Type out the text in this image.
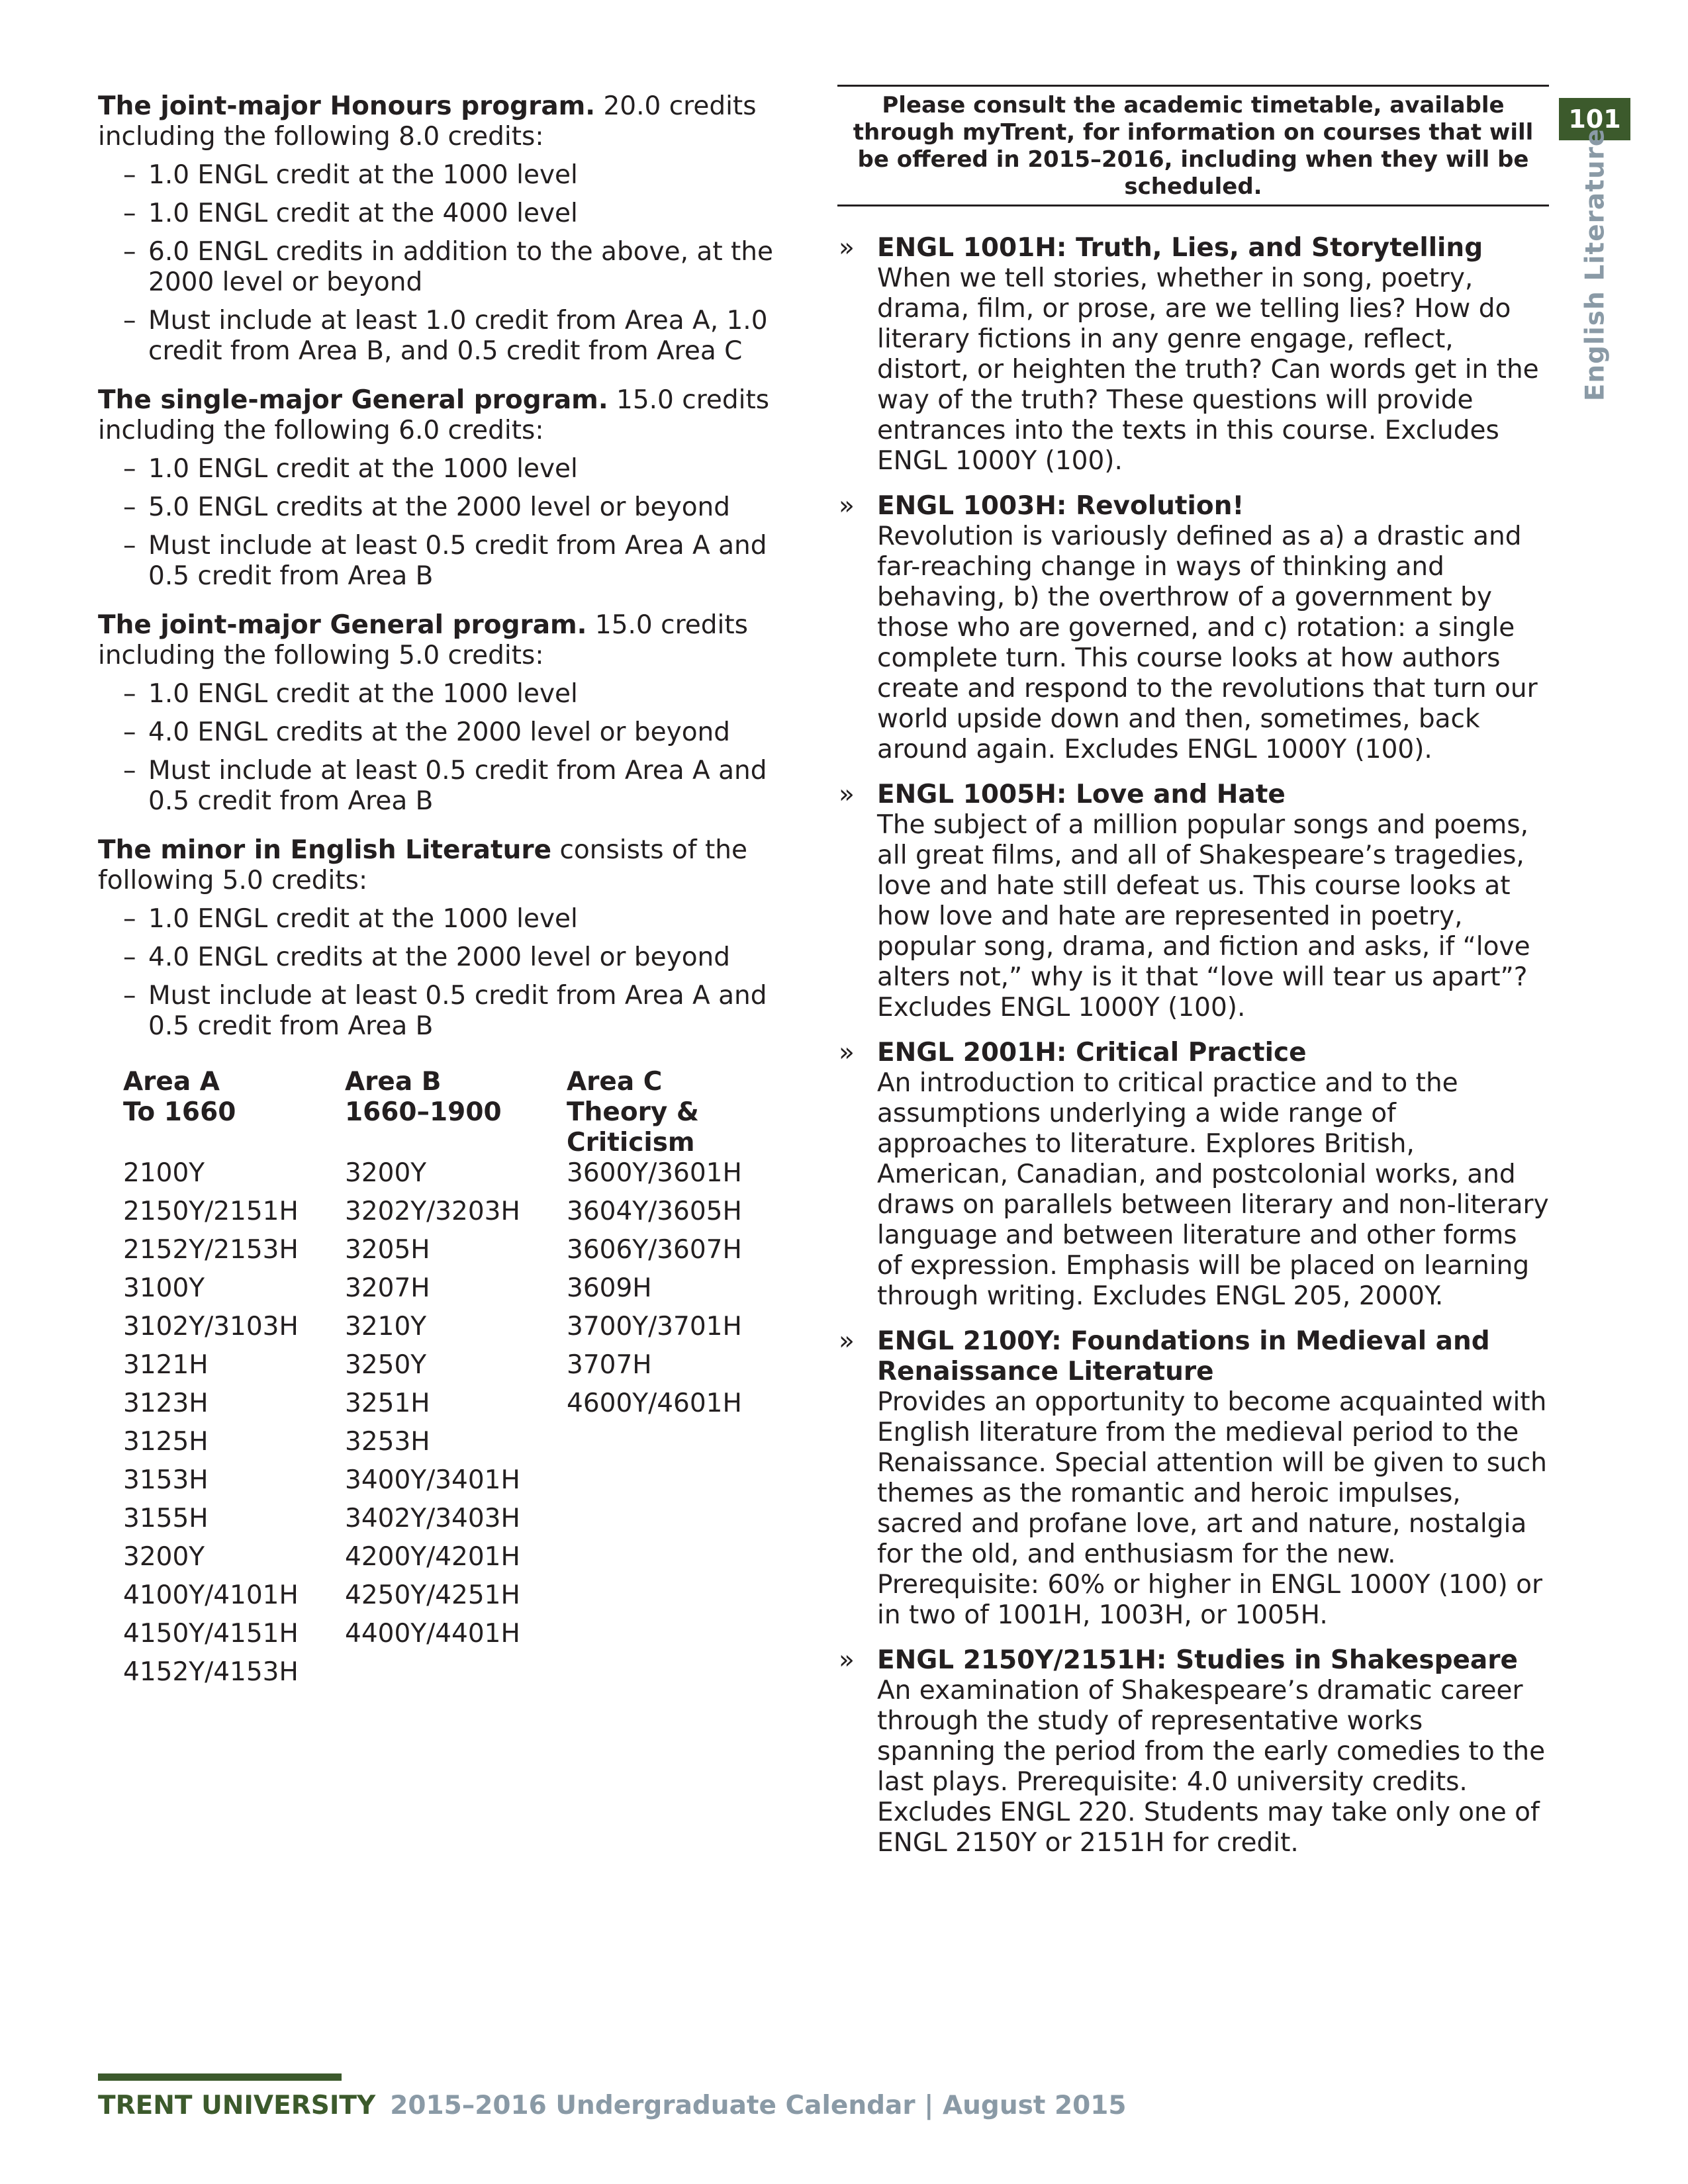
The joint-major Honours program. 20.0 credits including the following 8.0 credits:

– 1.0 ENGL credit at the 1000 level
– 1.0 ENGL credit at the 4000 level
– 6.0 ENGL credits in addition to the above, at the 2000 level or beyond
– Must include at least 1.0 credit from Area A, 1.0 credit from Area B, and 0.5 credit from Area C

The single-major General program. 15.0 credits including the following 6.0 credits:

– 1.0 ENGL credit at the 1000 level
– 5.0 ENGL credits at the 2000 level or beyond
– Must include at least 0.5 credit from Area A and 0.5 credit from Area B

The joint-major General program. 15.0 credits including the following 5.0 credits:

– 1.0 ENGL credit at the 1000 level
– 4.0 ENGL credits at the 2000 level or beyond
– Must include at least 0.5 credit from Area A and 0.5 credit from Area B

The minor in English Literature consists of the following 5.0 credits:

– 1.0 ENGL credit at the 1000 level
– 4.0 ENGL credits at the 2000 level or beyond
– Must include at least 0.5 credit from Area A and 0.5 credit from Area B
Area A
To 1660
2100Y
2150Y/2151H
2152Y/2153H
3100Y
3102Y/3103H
3121H
3123H
3125H
3153H
3155H
3200Y
4100Y/4101H
4150Y/4151H
4152Y/4153H
Area B
1660–1900
3200Y
3202Y/3203H
3205H
3207H
3210Y
3250Y
3251H
3253H
3400Y/3401H
3402Y/3403H
4200Y/4201H
4250Y/4251H
4400Y/4401H
Area C
Theory &
Criticism
3600Y/3601H
3604Y/3605H
3606Y/3607H
3609H
3700Y/3701H
3707H
4600Y/4601H
Please consult the academic timetable, available through myTrent, for information on courses that will be offered in 2015–2016, including when they will be scheduled.
» ENGL 1001H: Truth, Lies, and Storytelling
When we tell stories, whether in song, poetry, drama, film, or prose, are we telling lies? How do literary fictions in any genre engage, reflect, distort, or heighten the truth? Can words get in the way of the truth? These questions will provide entrances into the texts in this course. Excludes ENGL 1000Y (100).
» ENGL 1003H: Revolution!
Revolution is variously defined as a) a drastic and far-reaching change in ways of thinking and behaving, b) the overthrow of a government by those who are governed, and c) rotation: a single complete turn. This course looks at how authors create and respond to the revolutions that turn our world upside down and then, sometimes, back around again. Excludes ENGL 1000Y (100).
» ENGL 1005H: Love and Hate
The subject of a million popular songs and poems, all great films, and all of Shakespeare’s tragedies, love and hate still defeat us. This course looks at how love and hate are represented in poetry, popular song, drama, and fiction and asks, if “love alters not,” why is it that “love will tear us apart”? Excludes ENGL 1000Y (100).
» ENGL 2001H: Critical Practice
An introduction to critical practice and to the assumptions underlying a wide range of approaches to literature. Explores British, American, Canadian, and postcolonial works, and draws on parallels between literary and non-literary language and between literature and other forms of expression. Emphasis will be placed on learning through writing. Excludes ENGL 205, 2000Y.
» ENGL 2100Y: Foundations in Medieval and Renaissance Literature
Provides an opportunity to become acquainted with English literature from the medieval period to the Renaissance. Special attention will be given to such themes as the romantic and heroic impulses, sacred and profane love, art and nature, nostalgia for the old, and enthusiasm for the new. Prerequisite: 60% or higher in ENGL 1000Y (100) or in two of 1001H, 1003H, or 1005H.
» ENGL 2150Y/2151H: Studies in Shakespeare
An examination of Shakespeare’s dramatic career through the study of representative works spanning the period from the early comedies to the last plays. Prerequisite: 4.0 university credits. Excludes ENGL 220. Students may take only one of ENGL 2150Y or 2151H for credit.
101
English Literature
TRENT UNIVERSITY 2015–2016 Undergraduate Calendar | August 2015
